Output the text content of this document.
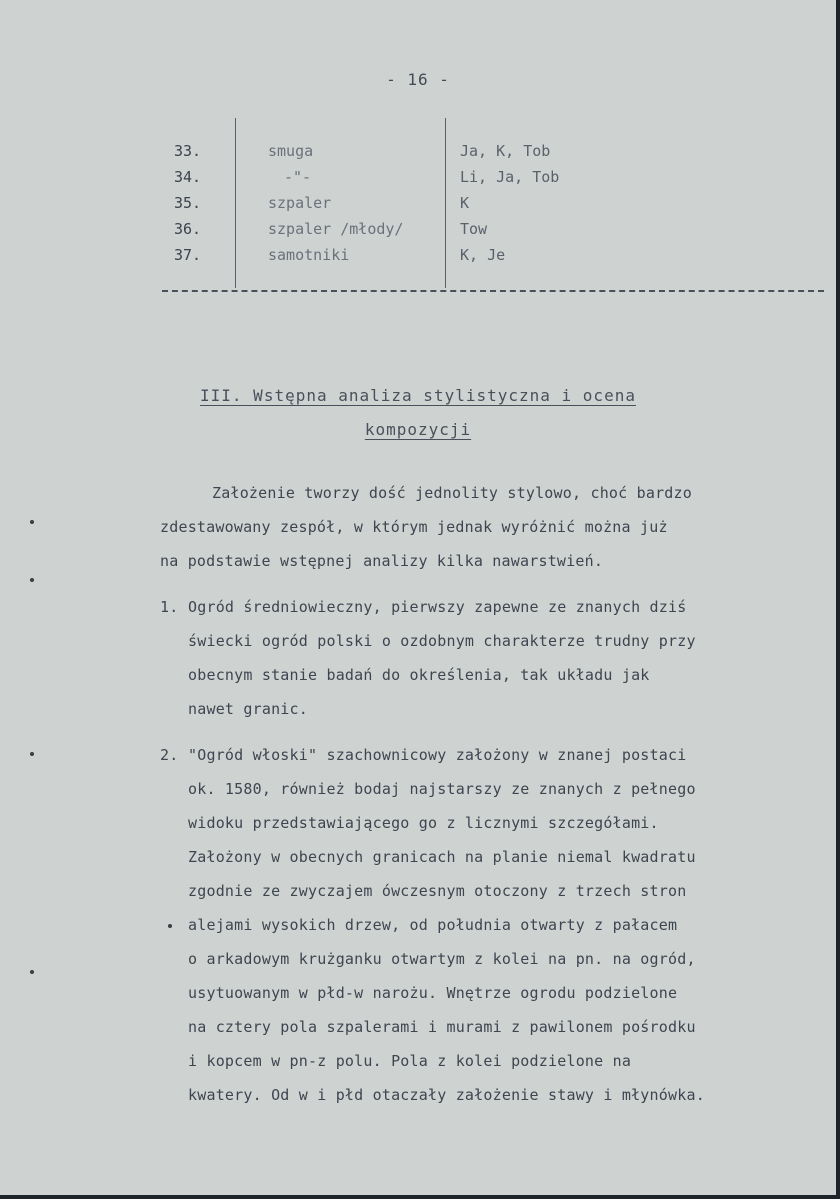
- 16 -
33.	smuga	Ja, K, Tob
34.	-"-	Li, Ja, Tob
35.	szpaler	K
36.	szpaler /młody/	Tow
37.	samotniki	K, Je
III. Wstępna analiza stylistyczna i ocena
kompozycji
Założenie tworzy dość jednolity stylowo, choć bardzo
zdestawowany zespół, w którym jednak wyróżnić można już
na podstawie wstępnej analizy kilka nawarstwień.
1. Ogród średniowieczny, pierwszy zapewne ze znanych dziś
świecki ogród polski o ozdobnym charakterze trudny przy
obecnym stanie badań do określenia, tak układu jak
nawet granic.
2. "Ogród włoski" szachownicowy założony w znanej postaci
ok. 1580, również bodaj najstarszy ze znanych z pełnego
widoku przedstawiającego go z licznymi szczegółami.
Założony w obecnych granicach na planie niemal kwadratu
zgodnie ze zwyczajem ówczesnym otoczony z trzech stron
alejami wysokich drzew, od południa otwarty z pałacem
o arkadowym krużganku otwartym z kolei na pn. na ogród,
usytuowanym w płd-w narożu. Wnętrze ogrodu podzielone
na cztery pola szpalerami i murami z pawilonem pośrodku
i kopcem w pn-z polu. Pola z kolei podzielone na
kwatery. Od w i płd otaczały założenie stawy i młynówka.
